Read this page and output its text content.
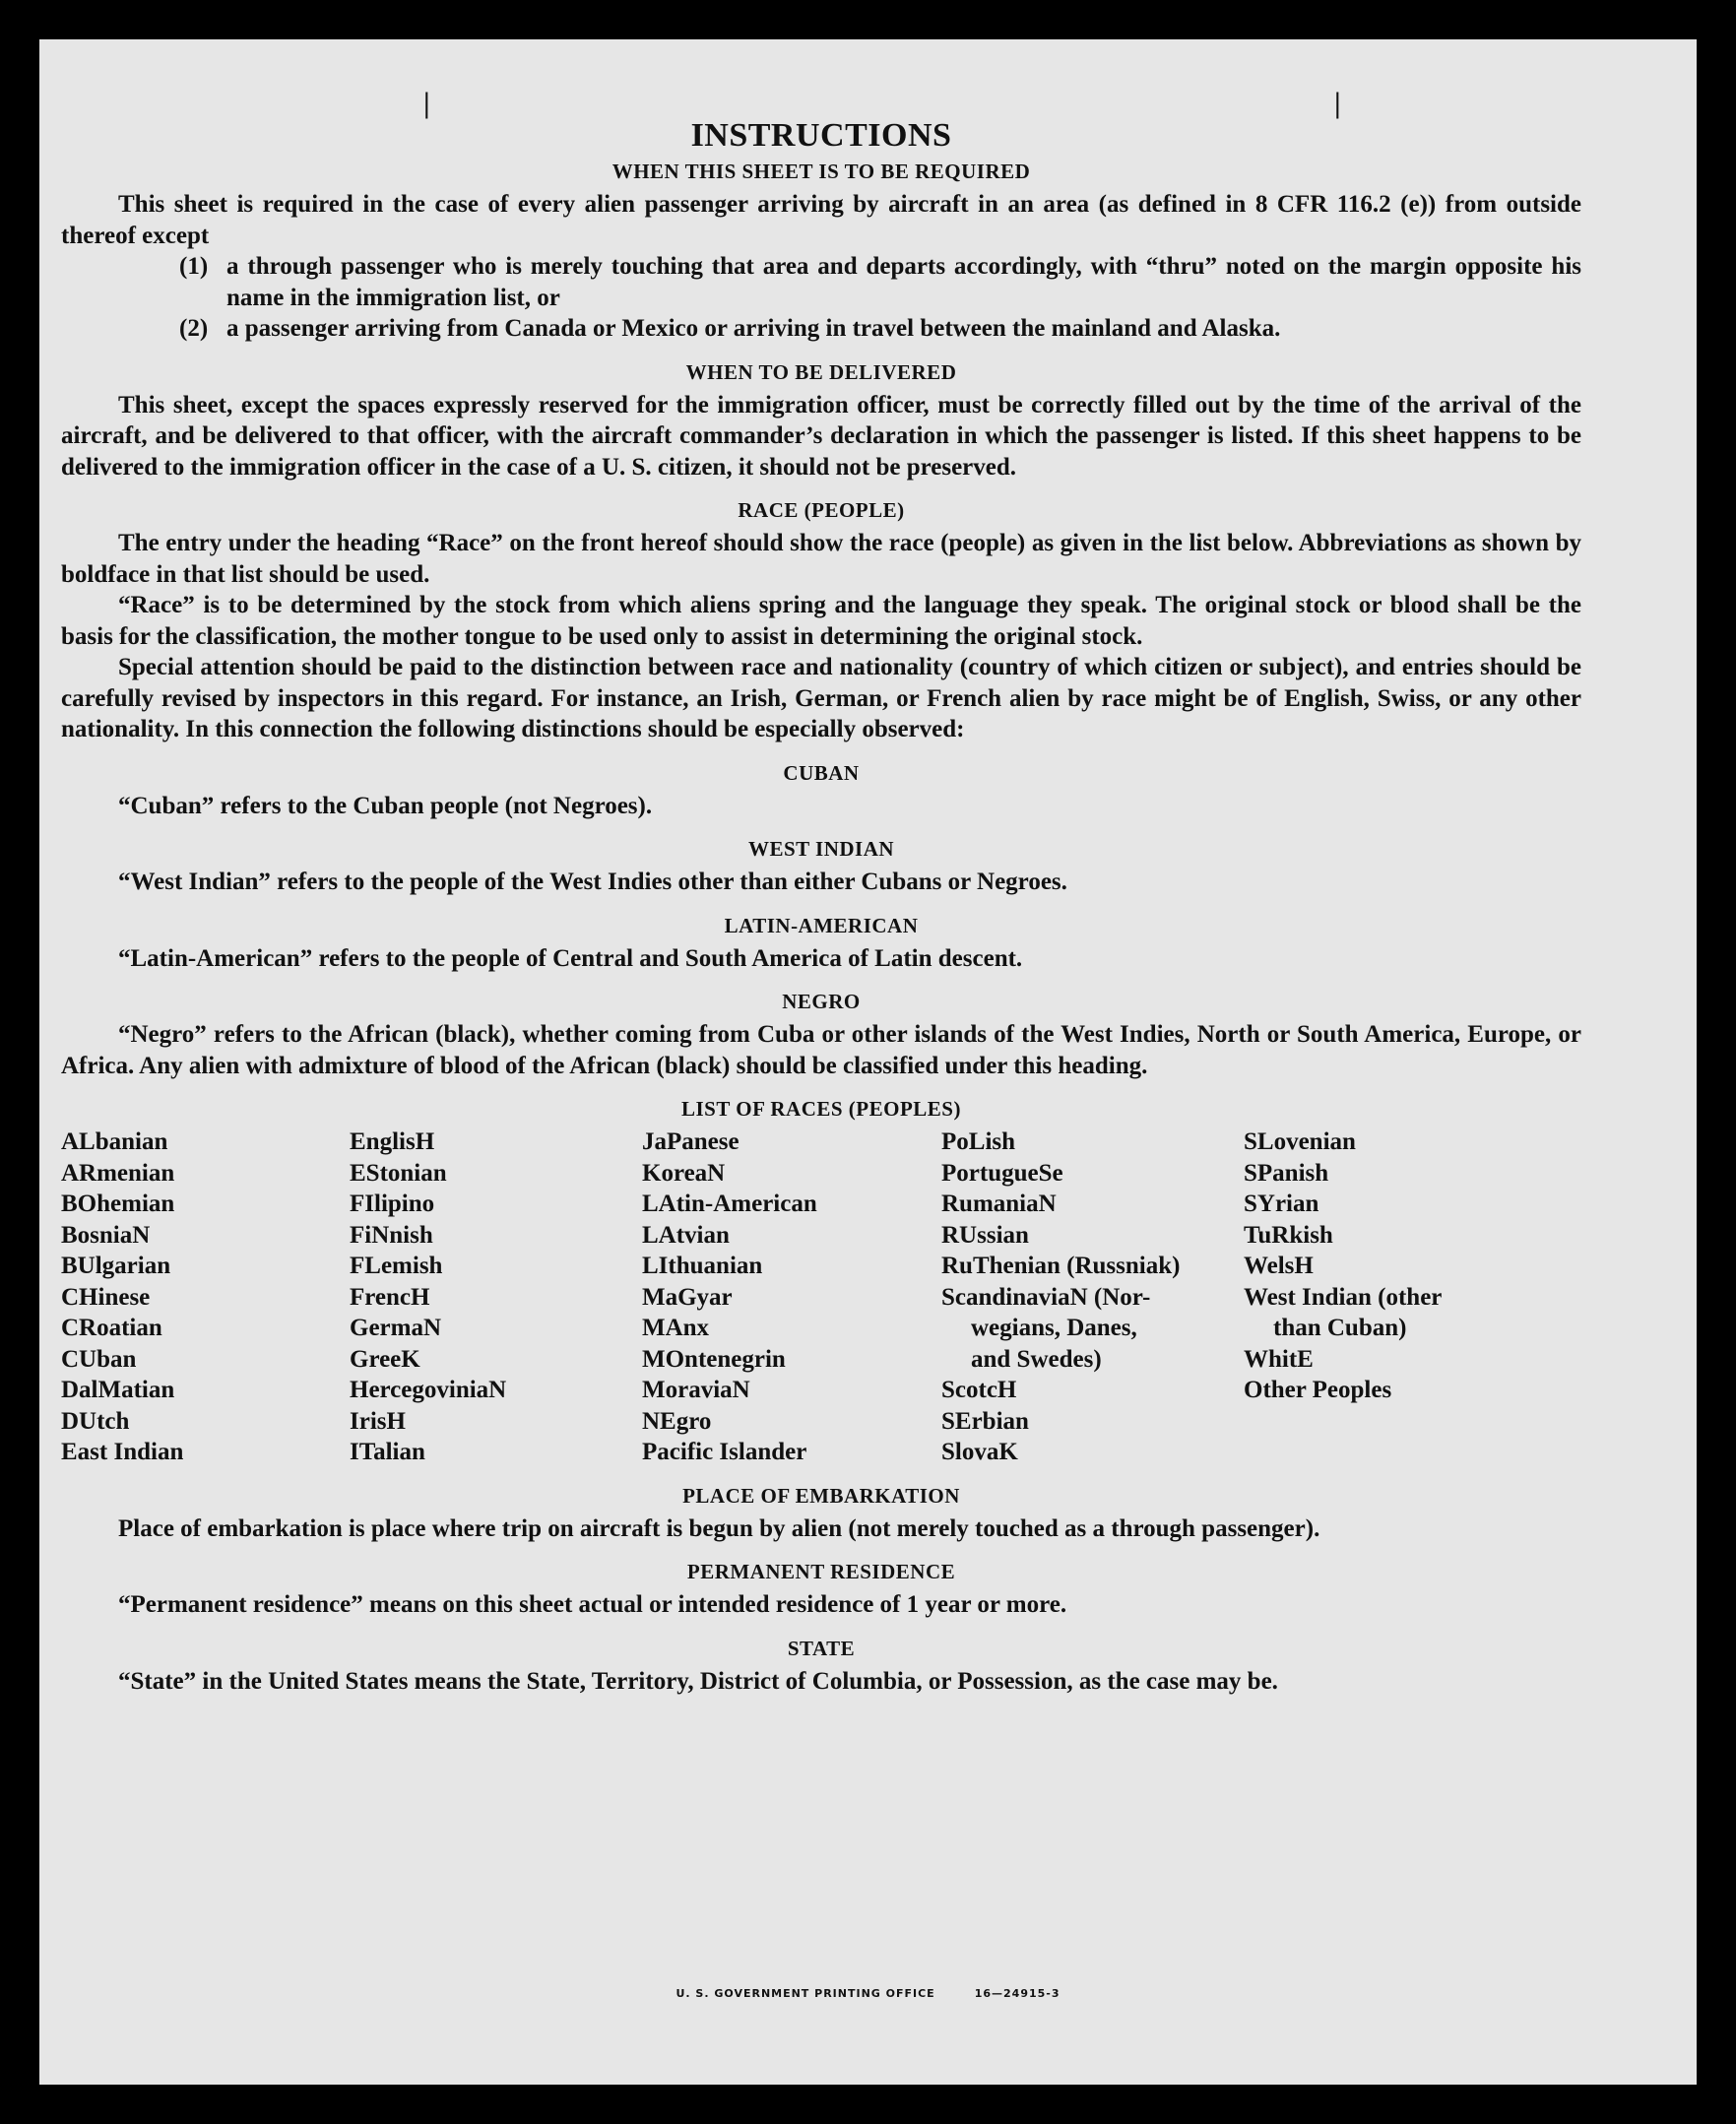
|	|
INSTRUCTIONS
WHEN THIS SHEET IS TO BE REQUIRED

This sheet is required in the case of every alien passenger arriving by aircraft in an area (as defined in 8 CFR 116.2 (e)) from outside thereof except

(1) a through passenger who is merely touching that area and departs accordingly, with “thru” noted on the margin opposite his name in the immigration list, or
(2) a passenger arriving from Canada or Mexico or arriving in travel between the mainland and Alaska.
WHEN TO BE DELIVERED

This sheet, except the spaces expressly reserved for the immigration officer, must be correctly filled out by the time of the arrival of the aircraft, and be delivered to that officer, with the aircraft commander’s declaration in which the passenger is listed. If this sheet happens to be delivered to the immigration officer in the case of a U. S. citizen, it should not be preserved.

RACE (PEOPLE)

The entry under the heading “Race” on the front hereof should show the race (people) as given in the list below. Abbreviations as shown by boldface in that list should be used.

“Race” is to be determined by the stock from which aliens spring and the language they speak. The original stock or blood shall be the basis for the classification, the mother tongue to be used only to assist in determining the original stock.

Special attention should be paid to the distinction between race and nationality (country of which citizen or subject), and entries should be carefully revised by inspectors in this regard. For instance, an Irish, German, or French alien by race might be of English, Swiss, or any other nationality. In this connection the following distinctions should be especially observed:

CUBAN

“Cuban” refers to the Cuban people (not Negroes).

WEST INDIAN

“West Indian” refers to the people of the West Indies other than either Cubans or Negroes.

LATIN-AMERICAN

“Latin-American” refers to the people of Central and South America of Latin descent.

NEGRO

“Negro” refers to the African (black), whether coming from Cuba or other islands of the West Indies, North or South America, Europe, or Africa. Any alien with admixture of blood of the African (black) should be classified under this heading.

LIST OF RACES (PEOPLES)
ALbanian
ARmenian
BOhemian
BosniaN
BUlgarian
CHinese
CRoatian
CUban
DalMatian
DUtch
East Indian
EnglisH
EStonian
FIlipino
FiNnish
FLemish
FrencH
GermaN
GreeK
HercegoviniaN
IrisH
ITalian
JaPanese
KoreaN
LAtin-American
LAtvian
LIthuanian
MaGyar
MAnx
MOntenegrin
MoraviaN
NEgro
Pacific Islander
PoLish
PortugueSe
RumaniaN
RUssian
RuThenian (Russniak)
ScandinaviaN (Nor-
wegians, Danes,
and Swedes)
ScotcH
SErbian
SlovaK
SLovenian
SPanish
SYrian
TuRkish
WelsH
West Indian (other
than Cuban)
WhitE
Other Peoples
PLACE OF EMBARKATION

Place of embarkation is place where trip on aircraft is begun by alien (not merely touched as a through passenger).

PERMANENT RESIDENCE

“Permanent residence” means on this sheet actual or intended residence of 1 year or more.

STATE

“State” in the United States means the State, Territory, District of Columbia, or Possession, as the case may be.

U. S. GOVERNMENT PRINTING OFFICE	16—24915-3
